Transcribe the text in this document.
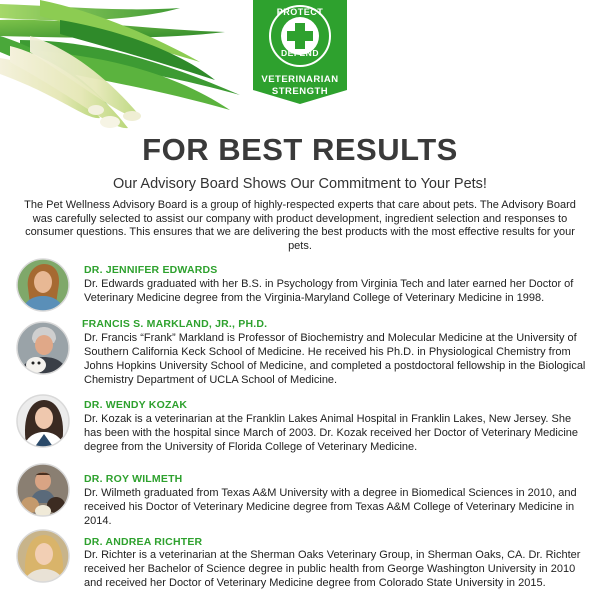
PROTECT
DEFEND
VETERINARIAN
STRENGTH
FOR BEST RESULTS
Our Advisory Board Shows Our Commitment to Your Pets!
The Pet Wellness Advisory Board is a group of highly-respected experts that care about pets. The Advisory Board was carefully selected to assist our company with product development, ingredient selection and responses to consumer questions. This ensures that we are delivering the best products with the most effective results for your pets.
DR. JENNIFER EDWARDS
Dr. Edwards graduated with her B.S. in Psychology from Virginia Tech and later earned her Doctor of Veterinary Medicine degree from the Virginia-Maryland College of Veterinary Medicine in 1998.
FRANCIS S. MARKLAND, JR., PH.D.
Dr. Francis “Frank” Markland is Professor of Biochemistry and Molecular Medicine at the University of Southern California Keck School of Medicine. He received his Ph.D. in Physiological Chemistry from Johns Hopkins University School of Medicine, and completed a postdoctoral fellowship in the Biological Chemistry Department of UCLA School of Medicine.
DR. WENDY KOZAK
Dr. Kozak is a veterinarian at the Franklin Lakes Animal Hospital in Franklin Lakes, New Jersey. She has been with the hospital since March of 2003. Dr. Kozak received her Doctor of Veterinary Medicine degree from the University of Florida College of Veterinary Medicine.
DR. ROY WILMETH
Dr. Wilmeth graduated from Texas A&M University with a degree in Biomedical Sciences in 2010, and received his Doctor of Veterinary Medicine degree from Texas A&M College of Veterinary Medicine in 2014.
DR. ANDREA RICHTER
Dr. Richter is a veterinarian at the Sherman Oaks Veterinary Group, in Sherman Oaks, CA. Dr. Richter received her Bachelor of Science degree in public health from George Washington University in 2010 and received her Doctor of Veterinary Medicine degree from Colorado State University in 2015.
